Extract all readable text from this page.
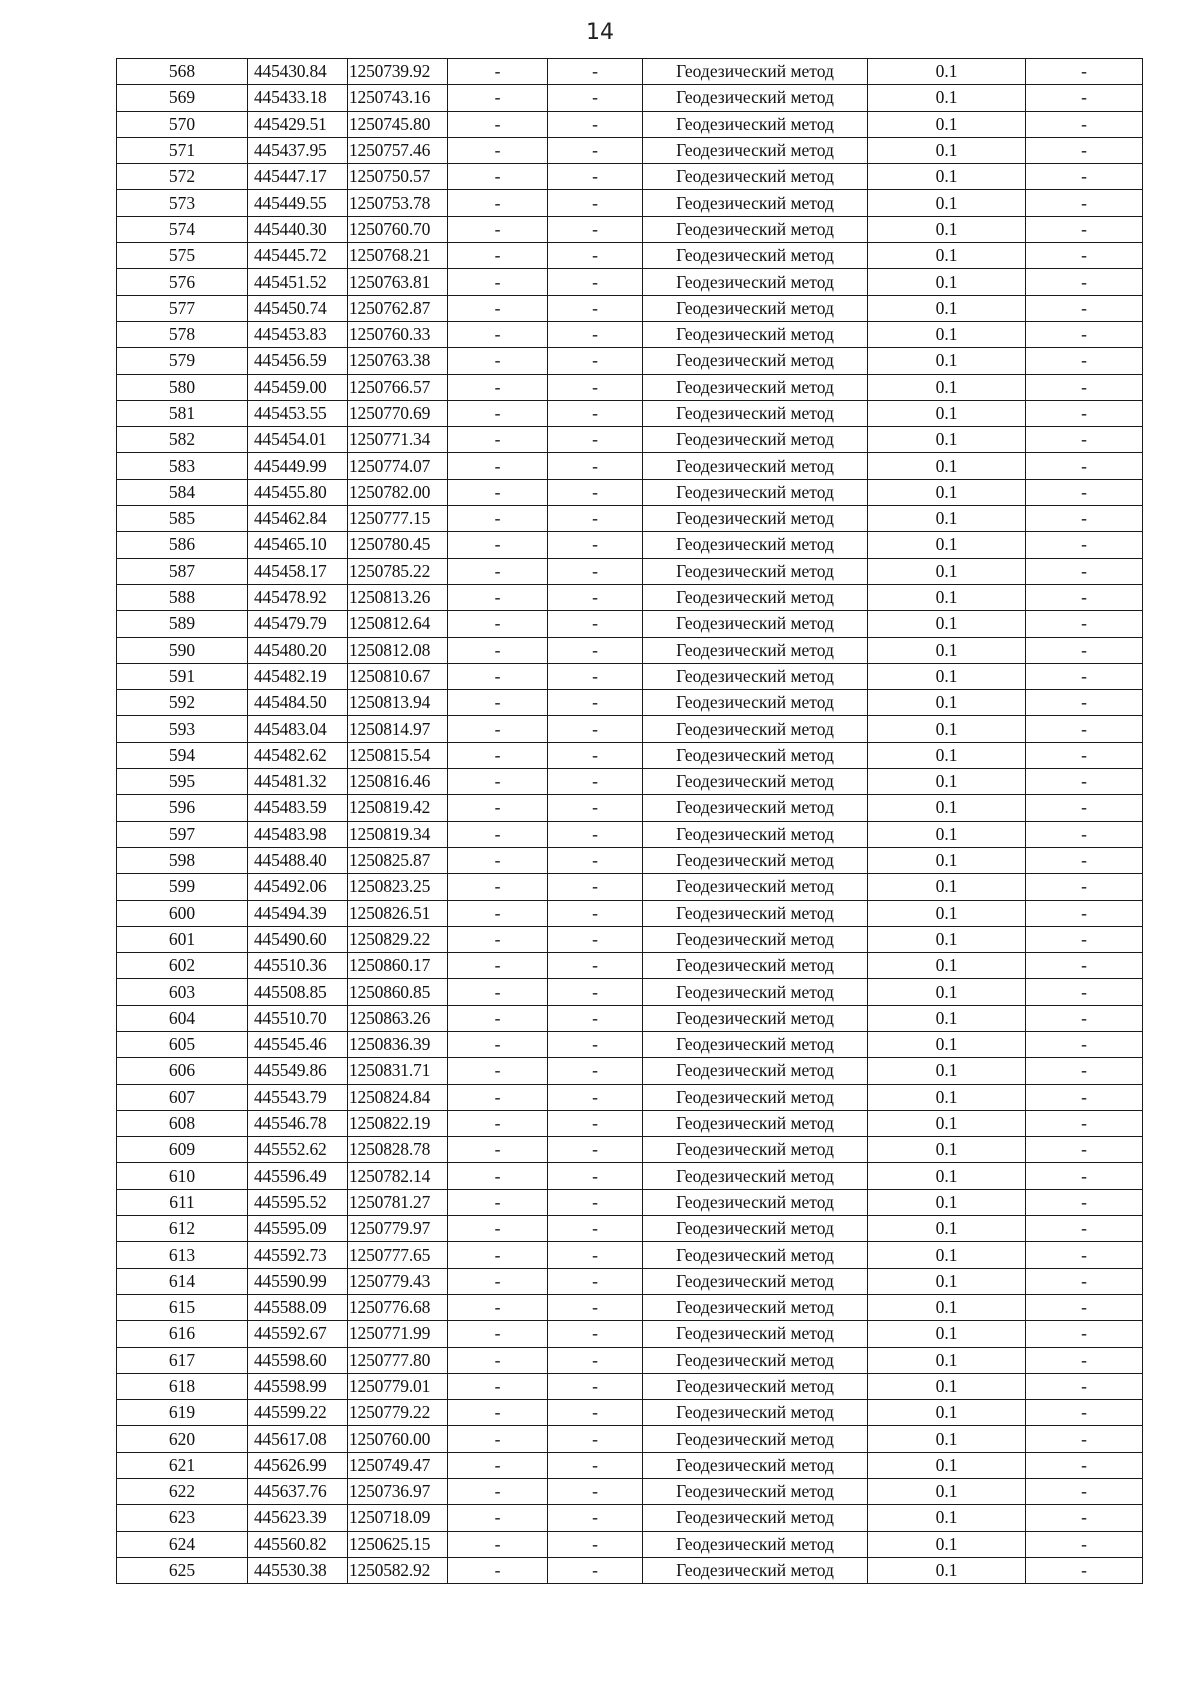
14
568	445430.84	1250739.92	-	-	Геодезический метод	0.1	-
569	445433.18	1250743.16	-	-	Геодезический метод	0.1	-
570	445429.51	1250745.80	-	-	Геодезический метод	0.1	-
571	445437.95	1250757.46	-	-	Геодезический метод	0.1	-
572	445447.17	1250750.57	-	-	Геодезический метод	0.1	-
573	445449.55	1250753.78	-	-	Геодезический метод	0.1	-
574	445440.30	1250760.70	-	-	Геодезический метод	0.1	-
575	445445.72	1250768.21	-	-	Геодезический метод	0.1	-
576	445451.52	1250763.81	-	-	Геодезический метод	0.1	-
577	445450.74	1250762.87	-	-	Геодезический метод	0.1	-
578	445453.83	1250760.33	-	-	Геодезический метод	0.1	-
579	445456.59	1250763.38	-	-	Геодезический метод	0.1	-
580	445459.00	1250766.57	-	-	Геодезический метод	0.1	-
581	445453.55	1250770.69	-	-	Геодезический метод	0.1	-
582	445454.01	1250771.34	-	-	Геодезический метод	0.1	-
583	445449.99	1250774.07	-	-	Геодезический метод	0.1	-
584	445455.80	1250782.00	-	-	Геодезический метод	0.1	-
585	445462.84	1250777.15	-	-	Геодезический метод	0.1	-
586	445465.10	1250780.45	-	-	Геодезический метод	0.1	-
587	445458.17	1250785.22	-	-	Геодезический метод	0.1	-
588	445478.92	1250813.26	-	-	Геодезический метод	0.1	-
589	445479.79	1250812.64	-	-	Геодезический метод	0.1	-
590	445480.20	1250812.08	-	-	Геодезический метод	0.1	-
591	445482.19	1250810.67	-	-	Геодезический метод	0.1	-
592	445484.50	1250813.94	-	-	Геодезический метод	0.1	-
593	445483.04	1250814.97	-	-	Геодезический метод	0.1	-
594	445482.62	1250815.54	-	-	Геодезический метод	0.1	-
595	445481.32	1250816.46	-	-	Геодезический метод	0.1	-
596	445483.59	1250819.42	-	-	Геодезический метод	0.1	-
597	445483.98	1250819.34	-	-	Геодезический метод	0.1	-
598	445488.40	1250825.87	-	-	Геодезический метод	0.1	-
599	445492.06	1250823.25	-	-	Геодезический метод	0.1	-
600	445494.39	1250826.51	-	-	Геодезический метод	0.1	-
601	445490.60	1250829.22	-	-	Геодезический метод	0.1	-
602	445510.36	1250860.17	-	-	Геодезический метод	0.1	-
603	445508.85	1250860.85	-	-	Геодезический метод	0.1	-
604	445510.70	1250863.26	-	-	Геодезический метод	0.1	-
605	445545.46	1250836.39	-	-	Геодезический метод	0.1	-
606	445549.86	1250831.71	-	-	Геодезический метод	0.1	-
607	445543.79	1250824.84	-	-	Геодезический метод	0.1	-
608	445546.78	1250822.19	-	-	Геодезический метод	0.1	-
609	445552.62	1250828.78	-	-	Геодезический метод	0.1	-
610	445596.49	1250782.14	-	-	Геодезический метод	0.1	-
611	445595.52	1250781.27	-	-	Геодезический метод	0.1	-
612	445595.09	1250779.97	-	-	Геодезический метод	0.1	-
613	445592.73	1250777.65	-	-	Геодезический метод	0.1	-
614	445590.99	1250779.43	-	-	Геодезический метод	0.1	-
615	445588.09	1250776.68	-	-	Геодезический метод	0.1	-
616	445592.67	1250771.99	-	-	Геодезический метод	0.1	-
617	445598.60	1250777.80	-	-	Геодезический метод	0.1	-
618	445598.99	1250779.01	-	-	Геодезический метод	0.1	-
619	445599.22	1250779.22	-	-	Геодезический метод	0.1	-
620	445617.08	1250760.00	-	-	Геодезический метод	0.1	-
621	445626.99	1250749.47	-	-	Геодезический метод	0.1	-
622	445637.76	1250736.97	-	-	Геодезический метод	0.1	-
623	445623.39	1250718.09	-	-	Геодезический метод	0.1	-
624	445560.82	1250625.15	-	-	Геодезический метод	0.1	-
625	445530.38	1250582.92	-	-	Геодезический метод	0.1	-
